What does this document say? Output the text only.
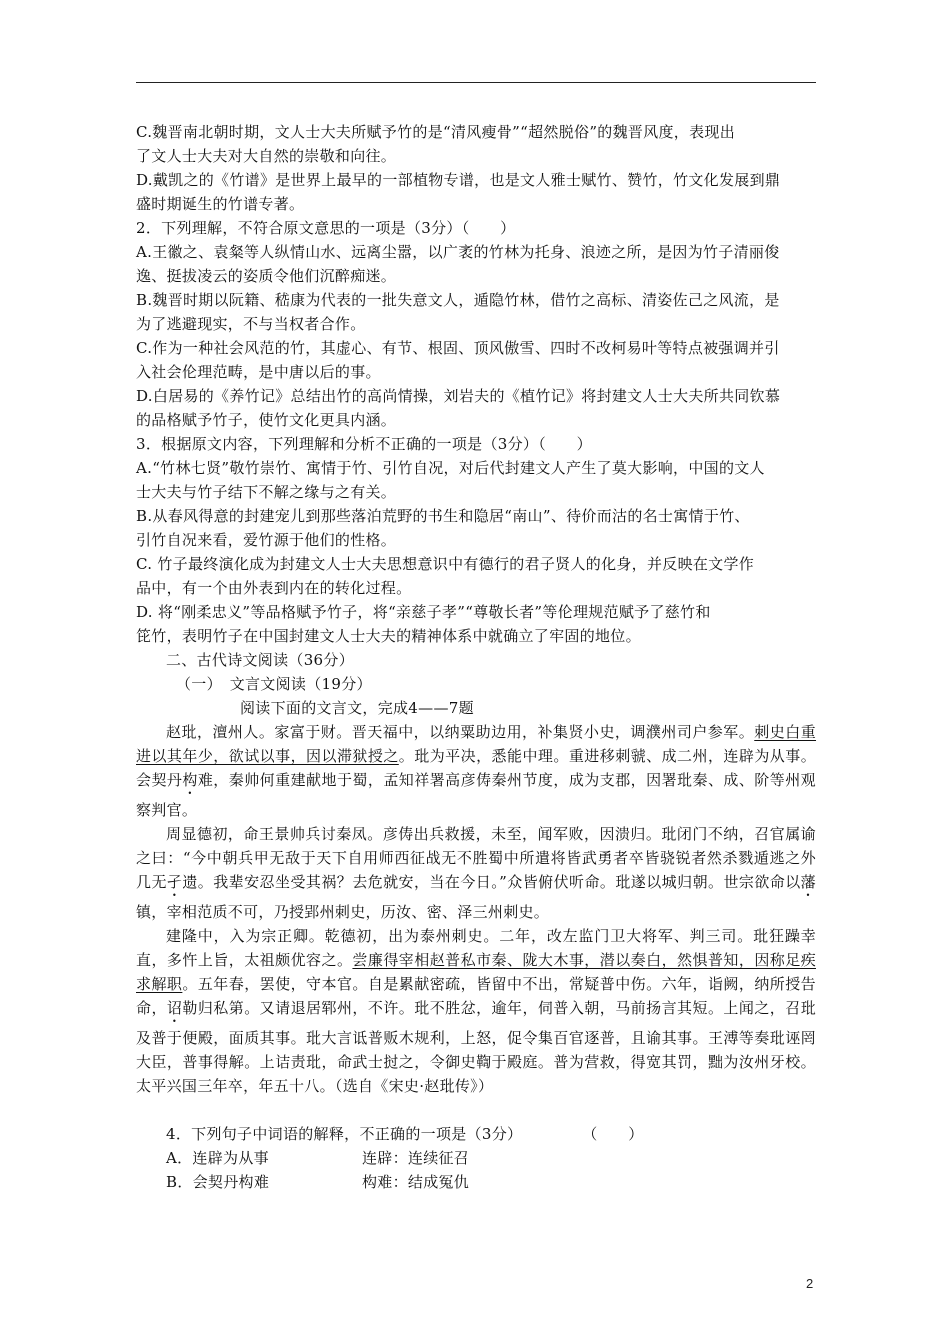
C.魏晋南北朝时期，文人士大夫所赋予竹的是“清风瘦骨”“超然脱俗”的魏晋风度，表现出

了文人士大夫对大自然的崇敬和向往。

D.戴凯之的《竹谱》是世界上最早的一部植物专谱，也是文人雅士赋竹、赞竹，竹文化发展到鼎

盛时期诞生的竹谱专著。

2．下列理解，不符合原文意思的一项是（3分）（　　）

A.王徽之、袁粲等人纵情山水、远离尘嚣，以广袤的竹林为托身、浪迹之所，是因为竹子清丽俊

逸、挺拔凌云的姿质令他们沉醉痴迷。

B.魏晋时期以阮籍、嵇康为代表的一批失意文人，遁隐竹林，借竹之高标、清姿佐己之风流，是

为了逃避现实，不与当权者合作。

C.作为一种社会风范的竹，其虚心、有节、根固、顶风傲雪、四时不改柯易叶等特点被强调并引

入社会伦理范畴，是中唐以后的事。

D.白居易的《养竹记》总结出竹的高尚情操，刘岩夫的《植竹记》将封建文人士大夫所共同钦慕

的品格赋予竹子，使竹文化更具内涵。

3．根据原文内容，下列理解和分析不正确的一项是（3分）（　　）

A.“竹林七贤”敬竹崇竹、寓情于竹、引竹自况，对后代封建文人产生了莫大影响，中国的文人

士大夫与竹子结下不解之缘与之有关。

B.从春风得意的封建宠儿到那些落泊荒野的书生和隐居“南山”、待价而沽的名士寓情于竹、

引竹自况来看，爱竹源于他们的性格。

C. 竹子最终演化成为封建文人士大夫思想意识中有德行的君子贤人的化身，并反映在文学作

品中，有一个由外表到内在的转化过程。

D. 将“刚柔忠义”等品格赋予竹子，将“亲慈子孝”“尊敬长者”等伦理规范赋予了慈竹和

笓竹，表明竹子在中国封建文人士大夫的精神体系中就确立了牢固的地位。

二、古代诗文阅读（36分）

（一）　文言文阅读（19分）

阅读下面的文言文，完成4——7题

赵玭，澶州人。家富于财。晋天福中，以纳粟助边用，补集贤小史，调濮州司户参军。刺史白重进以其年少，欲试以事，因以滞狱授之。玭为平决，悉能中理。重进移刺虢、成二州，连辟为从事。会契丹构难，秦帅何重建献地于蜀，孟知祥署高彦俦秦州节度，成为支郡，因署玭秦、成、阶等州观察判官。

周显德初，命王景帅兵讨秦凤。彦俦出兵救援，未至，闻军败，因溃归。玭闭门不纳，召官属谕之曰：“今中朝兵甲无敌于天下自用师西征战无不胜蜀中所遣将皆武勇者卒皆骁锐者然杀戮遁逃之外几无孑遗。我辈安忍坐受其祸？去危就安，当在今日。”众皆俯伏听命。玭遂以城归朝。世宗欲命以藩镇，宰相范质不可，乃授郢州刺史，历汝、密、泽三州刺史。

建隆中，入为宗正卿。乾德初，出为泰州刺史。二年，改左监门卫大将军、判三司。玭狂躁幸直，多忤上旨，太祖颇优容之。尝廉得宰相赵普私市秦、陇大木事，潜以奏白，然惧普知，因称足疾求解职。五年春，罢使，守本官。自是累献密疏，皆留中不出，常疑普中伤。六年，诣阙，纳所授告命，诏勒归私第。又请退居郓州，不许。玭不胜忿，逾年，伺普入朝，马前扬言其短。上闻之，召玭及普于便殿，面质其事。玭大言诋普贩木规利，上怒，促令集百官逐普，且谕其事。王溥等奏玭诬罔大臣，普事得解。上诘责玭，命武士挝之，令御史鞫于殿庭。普为营救，得宽其罚，黜为汝州牙校。太平兴国三年卒，年五十八。（选自《宋史·赵玭传》）

4．下列句子中词语的解释，不正确的一项是（3分）	（　　）

A．连辟为从事	连辟：连续征召
B．会契丹构难	构难：结成冤仇
2
